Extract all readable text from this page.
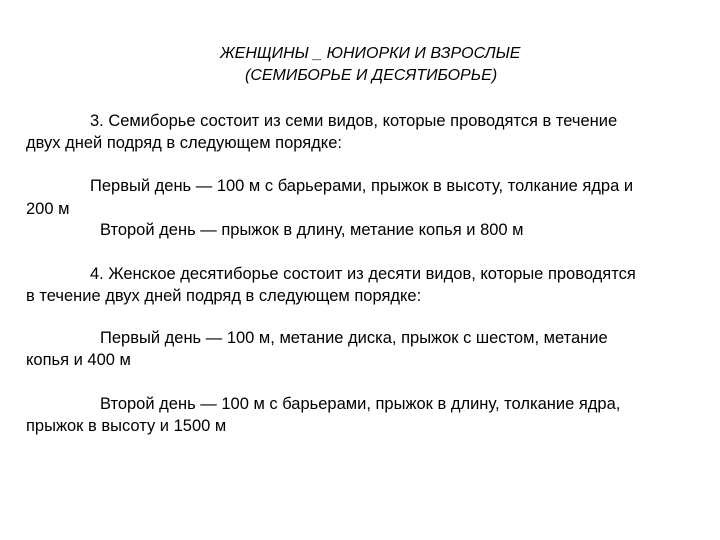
ЖЕНЩИНЫ _ ЮНИОРКИ И ВЗРОСЛЫЕ
(СЕМИБОРЬЕ И ДЕСЯТИБОРЬЕ)
3. Семиборье состоит из семи видов, которые проводятся в течение
двух дней подряд в следующем порядке:
Первый день — 100 м с барьерами, прыжок в высоту, толкание ядра и
200 м
Второй день — прыжок в длину, метание копья и 800 м
4. Женское десятиборье состоит из десяти видов, которые проводятся
в течение двух дней подряд в следующем порядке:
Первый день — 100 м, метание диска, прыжок с шестом, метание
копья и 400 м
Второй день — 100 м с барьерами, прыжок в длину, толкание ядра,
прыжок в высоту и 1500 м
